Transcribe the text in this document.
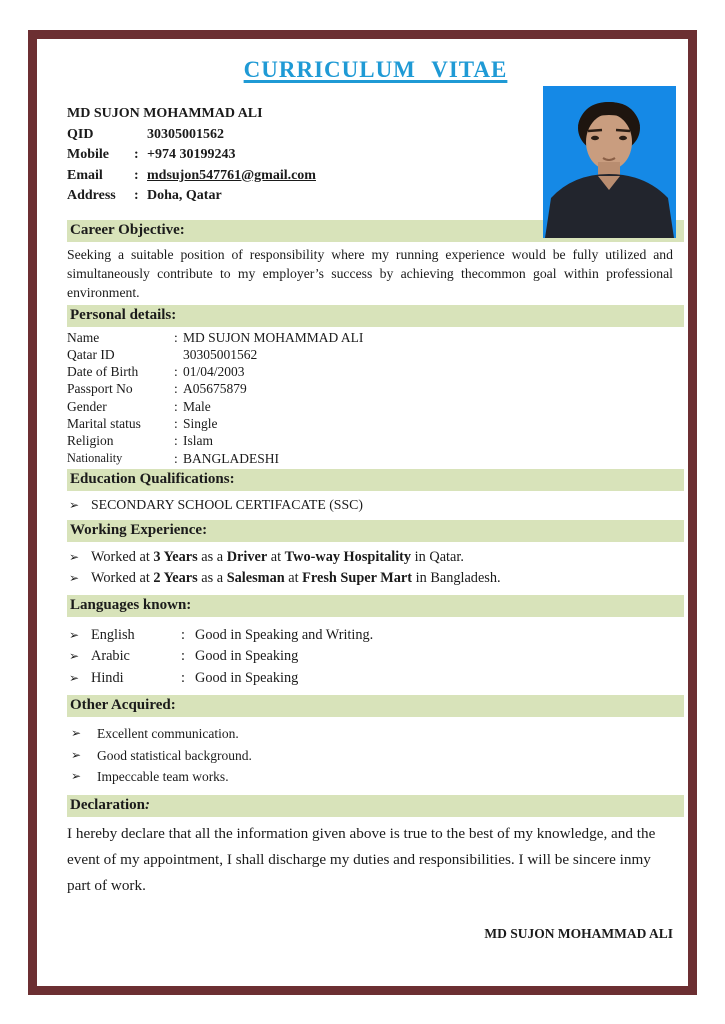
CURRICULUM VITAE
MD SUJON MOHAMMAD ALI
QID	30305001562
Mobile	: +974 30199243
Email	: mdsujon547761@gmail.com
Address	: Doha, Qatar
Career Objective:
Seeking a suitable position of responsibility where my running experience would be fully utilized and simultaneously contribute to my employer’s success by achieving thecommon goal within professional environment.
Personal details:
Name	: MD SUJON MOHAMMAD ALI
Qatar ID	30305001562
Date of Birth	: 01/04/2003
Passport No	: A05675879
Gender	: Male
Marital status	: Single
Religion	: Islam
Nationality	: BANGLADESHI
Education Qualifications:
➢ SECONDARY SCHOOL CERTIFACATE (SSC)
Working Experience:
➢ Worked at 3 Years as a Driver at Two-way Hospitality in Qatar.
➢ Worked at 2 Years as a Salesman at Fresh Super Mart in Bangladesh.
Languages known:
➢ English	: Good in Speaking and Writing.
➢ Arabic	: Good in Speaking
➢ Hindi	: Good in Speaking
Other Acquired:
➢	Excellent communication.
➢	Good statistical background.
➢	Impeccable team works.
Declaration:
I hereby declare that all the information given above is true to the best of my knowledge, and the event of my appointment, I shall discharge my duties and responsibilities. I will be sincere inmy part of work.
MD SUJON MOHAMMAD ALI
